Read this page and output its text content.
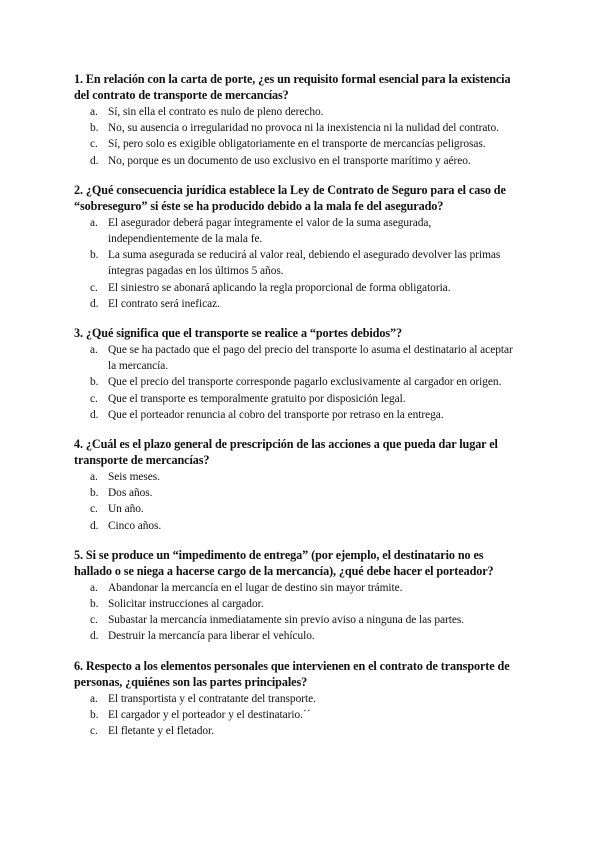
1. En relación con la carta de porte, ¿es un requisito formal esencial para la existencia del contrato de transporte de mercancías?
a. Sí, sin ella el contrato es nulo de pleno derecho.
b. No, su ausencia o irregularidad no provoca ni la inexistencia ni la nulidad del contrato.
c. Sí, pero solo es exigible obligatoriamente en el transporte de mercancías peligrosas.
d. No, porque es un documento de uso exclusivo en el transporte marítimo y aéreo.
2. ¿Qué consecuencia jurídica establece la Ley de Contrato de Seguro para el caso de “sobreseguro” si éste se ha producido debido a la mala fe del asegurado?
a. El asegurador deberá pagar íntegramente el valor de la suma asegurada, independientemente de la mala fe.
b. La suma asegurada se reducirá al valor real, debiendo el asegurado devolver las primas íntegras pagadas en los últimos 5 años.
c. El siniestro se abonará aplicando la regla proporcional de forma obligatoria.
d. El contrato será ineficaz.
3. ¿Qué significa que el transporte se realice a “portes debidos”?
a. Que se ha pactado que el pago del precio del transporte lo asuma el destinatario al aceptar la mercancía.
b. Que el precio del transporte corresponde pagarlo exclusivamente al cargador en origen.
c. Que el transporte es temporalmente gratuito por disposición legal.
d. Que el porteador renuncia al cobro del transporte por retraso en la entrega.
4. ¿Cuál es el plazo general de prescripción de las acciones a que pueda dar lugar el transporte de mercancías?
a. Seis meses.
b. Dos años.
c. Un año.
d. Cinco años.
5. Si se produce un “impedimento de entrega” (por ejemplo, el destinatario no es hallado o se niega a hacerse cargo de la mercancía), ¿qué debe hacer el porteador?
a. Abandonar la mercancía en el lugar de destino sin mayor trámite.
b. Solicitar instrucciones al cargador.
c. Subastar la mercancía inmediatamente sin previo aviso a ninguna de las partes.
d. Destruir la mercancía para liberar el vehículo.
6. Respecto a los elementos personales que intervienen en el contrato de transporte de personas, ¿quiénes son las partes principales?
a. El transportista y el contratante del transporte.
b. El cargador y el porteador y el destinatario.´´
c. El fletante y el fletador.
